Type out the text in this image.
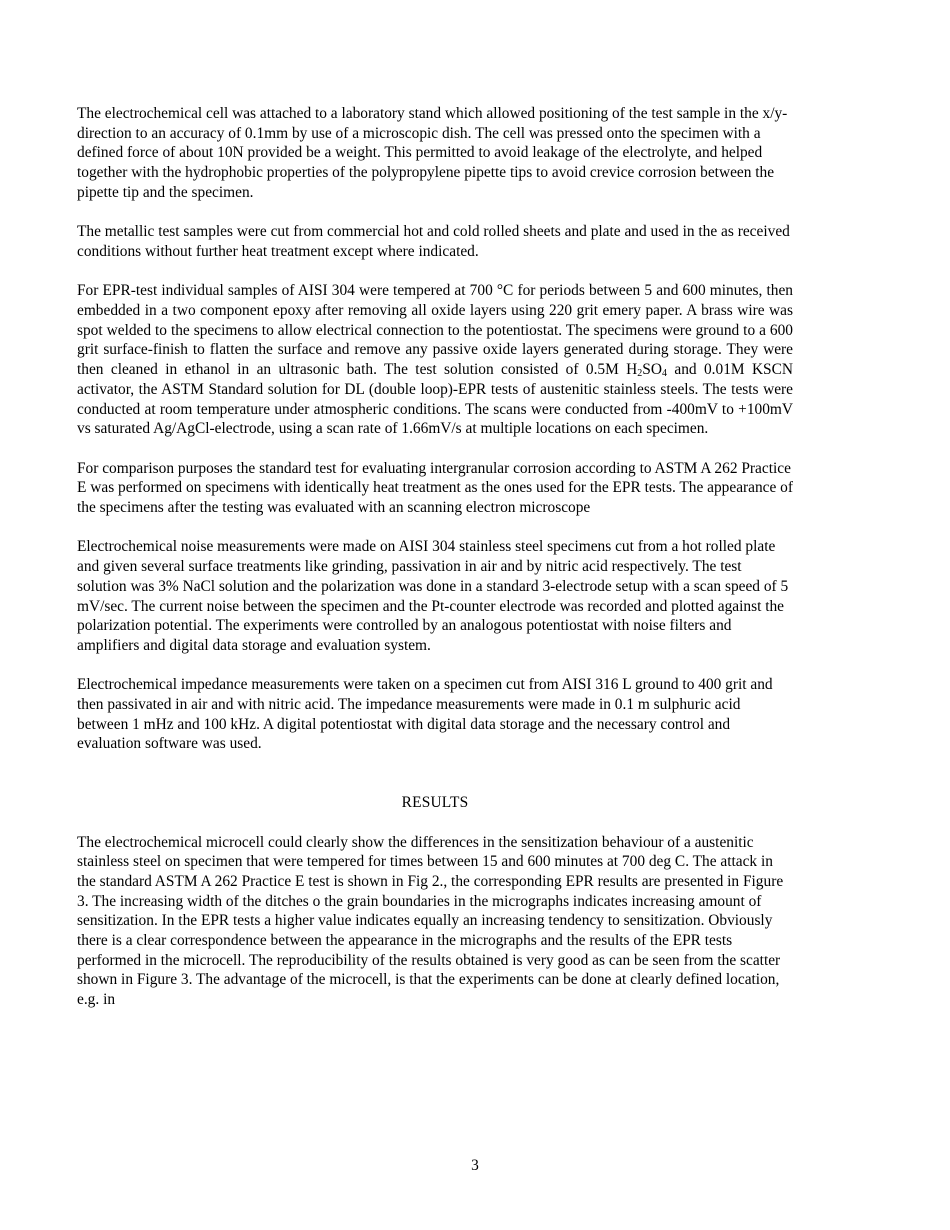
The electrochemical cell was attached to a laboratory stand which allowed positioning of the test sample in the x/y-direction to an accuracy of 0.1mm by use of a microscopic dish. The cell was pressed onto the specimen with a defined force of about 10N provided be a weight. This permitted to avoid leakage of the electrolyte, and helped together with the hydrophobic properties of the polypropylene pipette tips to avoid crevice corrosion between the pipette tip and the specimen.

The metallic test samples were cut from commercial hot and cold rolled sheets and plate and used in the as received conditions without further heat treatment except where indicated.

For EPR-test individual samples of AISI 304 were tempered at 700 °C for periods between 5 and 600 minutes, then embedded in a two component epoxy after removing all oxide layers using 220 grit emery paper. A brass wire was spot welded to the specimens to allow electrical connection to the potentiostat. The specimens were ground to a 600 grit surface-finish to flatten the surface and remove any passive oxide layers generated during storage. They were then cleaned in ethanol in an ultrasonic bath. The test solution consisted of 0.5M $H_2SO_4$ and 0.01M KSCN activator, the ASTM Standard solution for DL (double loop)-EPR tests of austenitic stainless steels. The tests were conducted at room temperature under atmospheric conditions. The scans were conducted from -400mV to +100mV vs saturated Ag/AgCl-electrode, using a scan rate of 1.66mV/s at multiple locations on each specimen.

For comparison purposes the standard test for evaluating intergranular corrosion according to ASTM A 262 Practice E was performed on specimens with identically heat treatment as the ones used for the EPR tests. The appearance of the specimens after the testing was evaluated with an scanning electron microscope

Electrochemical noise measurements were made on AISI 304 stainless steel specimens cut from a hot rolled plate and given several surface treatments like grinding, passivation in air and by nitric acid respectively. The test solution was 3% NaCl solution and the polarization was done in a standard 3-electrode setup with a scan speed of 5 mV/sec. The current noise between the specimen and the Pt-counter electrode was recorded and plotted against the polarization potential. The experiments were controlled by an analogous potentiostat with noise filters and amplifiers and digital data storage and evaluation system.

Electrochemical impedance measurements were taken on a specimen cut from AISI 316 L ground to 400 grit and then passivated in air and with nitric acid. The impedance measurements were made in 0.1 m sulphuric acid between 1 mHz and 100 kHz. A digital potentiostat with digital data storage and the necessary control and evaluation software was used.

RESULTS

The electrochemical microcell could clearly show the differences in the sensitization behaviour of a austenitic stainless steel on specimen that were tempered for times between 15 and 600 minutes at 700 deg C. The attack in the standard ASTM A 262 Practice E test is shown in Fig 2., the corresponding EPR results are presented in Figure 3. The increasing width of the ditches o the grain boundaries in the micrographs indicates increasing amount of sensitization. In the EPR tests a higher value indicates equally an increasing tendency to sensitization. Obviously there is a clear correspondence between the appearance in the micrographs and the results of the EPR tests performed in the microcell. The reproducibility of the results obtained is very good as can be seen from the scatter shown in Figure 3. The advantage of the microcell, is that the experiments can be done at clearly defined location, e.g. in

3
